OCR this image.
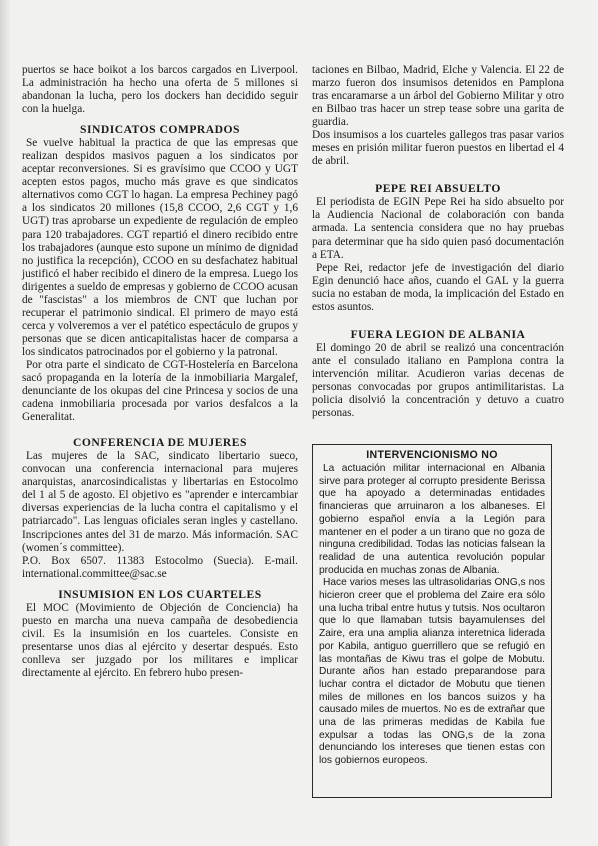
puertos se hace boikot a los barcos cargados en Liverpool. La administración ha hecho una oferta de 5 millones si abandonan la lucha, pero los dockers han decidido seguir con la huelga.

SINDICATOS COMPRADOS

Se vuelve habitual la practica de que las empresas que realizan despidos masivos paguen a los sindicatos por aceptar reconversiones. Si es gravísimo que CCOO y UGT acepten estos pagos, mucho más grave es que sindicatos alternativos como CGT lo hagan. La empresa Pechiney pagó a los sindicatos 20 millones (15,8 CCOO, 2,6 CGT y 1,6 UGT) tras aprobarse un expediente de regulación de empleo para 120 trabajadores. CGT repartió el dinero recibido entre los trabajadores (aunque esto supone un mínimo de dignidad no justifica la recepción), CCOO en su desfachatez habitual justificó el haber recibido el dinero de la empresa. Luego los dirigentes a sueldo de empresas y gobierno de CCOO acusan de "fascistas" a los miembros de CNT que luchan por recuperar el patrimonio sindical. El primero de mayo está cerca y volveremos a ver el patético espectáculo de grupos y personas que se dicen anticapitalistas hacer de comparsa a los sindicatos patrocinados por el gobierno y la patronal.

Por otra parte el sindicato de CGT-Hostelería en Barcelona sacó propaganda en la lotería de la inmobiliaria Margalef, denunciante de los okupas del cine Princesa y socios de una cadena inmobiliaria procesada por varios desfalcos a la Generalitat.

CONFERENCIA DE MUJERES

Las mujeres de la SAC, sindicato libertario sueco, convocan una conferencia internacional para mujeres anarquistas, anarcosindicalistas y libertarias en Estocolmo del 1 al 5 de agosto. El objetivo es "aprender e intercambiar diversas experiencias de la lucha contra el capitalismo y el patriarcado". Las lenguas oficiales seran ingles y castellano. Inscripciones antes del 31 de marzo. Más información. SAC (women´s committee).

P.O. Box 6507. 11383 Estocolmo (Suecia). E-mail. international.committee@sac.se

INSUMISION EN LOS CUARTELES

El MOC (Movimiento de Objeción de Conciencia) ha puesto en marcha una nueva campaña de desobediencia civil. Es la insumisión en los cuarteles. Consiste en presentarse unos dias al ejército y desertar después. Esto conlleva ser juzgado por los militares e implicar directamente al ejército. En febrero hubo presen-

taciones en Bilbao, Madrid, Elche y Valencia. El 22 de marzo fueron dos insumisos detenidos en Pamplona tras encaramarse a un árbol del Gobierno Militar y otro en Bilbao tras hacer un strep tease sobre una garita de guardia.

Dos insumisos a los cuarteles gallegos tras pasar varios meses en prisión militar fueron puestos en libertad el 4 de abril.

PEPE REI ABSUELTO

El periodista de EGIN Pepe Rei ha sido absuelto por la Audiencia Nacional de colaboración con banda armada. La sentencia considera que no hay pruebas para determinar que ha sido quien pasó documentación a ETA.

Pepe Rei, redactor jefe de investigación del diario Egin denunció hace años, cuando el GAL y la guerra sucia no estaban de moda, la implicación del Estado en estos asuntos.

FUERA LEGION DE ALBANIA

El domingo 20 de abril se realizó una concentración ante el consulado italiano en Pamplona contra la intervención militar. Acudieron varias decenas de personas convocadas por grupos antimilitaristas. La policia disolvió la concentración y detuvo a cuatro personas.

INTERVENCIONISMO NO

La actuación militar internacional en Albania sirve para proteger al corrupto presidente Berissa que ha apoyado a determinadas entidades financieras que arruinaron a los albaneses. El gobierno español envía a la Legión para mantener en el poder a un tirano que no goza de ninguna credibilidad. Todas las noticias falsean la realidad de una autentica revolución popular producida en muchas zonas de Albania.

Hace varios meses las ultrasolidarias ONG,s nos hicieron creer que el problema del Zaire era sólo una lucha tribal entre hutus y tutsis. Nos ocultaron que lo que llamaban tutsis bayamulenses del Zaire, era una amplia alianza interetnica liderada por Kabila, antiguo guerrillero que se refugió en las montañas de Kiwu tras el golpe de Mobutu. Durante años han estado preparandose para luchar contra el dictador de Mobutu que tienen miles de millones en los bancos suizos y ha causado miles de muertos. No es de extrañar que una de las primeras medidas de Kabila fue expulsar a todas las ONG,s de la zona denunciando los intereses que tienen estas con los gobiernos europeos.
